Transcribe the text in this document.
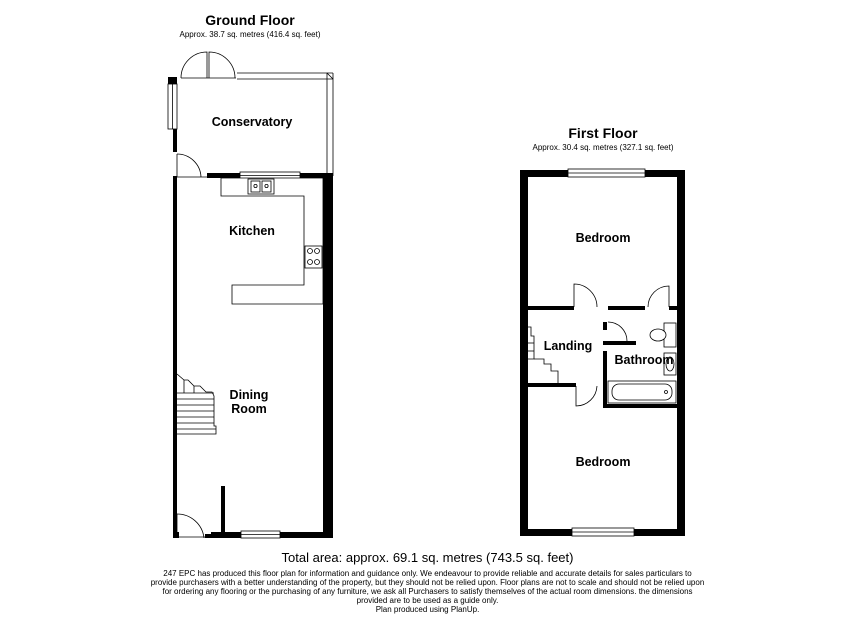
Ground Floor
Approx. 38.7 sq. metres (416.4 sq. feet)
Conservatory
Kitchen
Dining
Room
First Floor
Approx. 30.4 sq. metres (327.1 sq. feet)
Bedroom
Landing
Bathroom
Bedroom
Total area: approx. 69.1 sq. metres (743.5 sq. feet)
247 EPC has produced this floor plan for information and guidance only. We endeavour to provide reliable and accurate details for sales particulars to provide purchasers with a better understanding of the property, but they should not be relied upon. Floor plans are not to scale and should not be relied upon for ordering any flooring or the purchasing of any furniture, we ask all Purchasers to satisfy themselves of the actual room dimensions. the dimensions provided are to be used as a guide only.
Plan produced using PlanUp.
